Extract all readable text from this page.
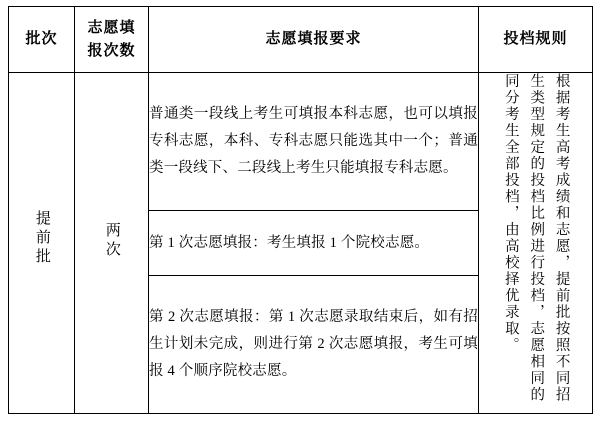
批次	志愿填报次数	志愿填报要求	投档规则
提前批	两次	普通类一段线上考生可填报本科志愿，也可以填报专科志愿，本科、专科志愿只能选其中一个；普通类一段线下、二段线上考生只能填报专科志愿。	根据考生高考成绩和志愿，提前批按照不同招生类型规定的投档比例进行投档，志愿相同的同分考生全部投档，由高校择优录取。

		第 1 次志愿填报：考生填报 1 个院校志愿。	
		第 2 次志愿填报：第 1 次志愿录取结束后，如有招生计划未完成，则进行第 2 次志愿填报，考生可填报 4 个顺序院校志愿。	
